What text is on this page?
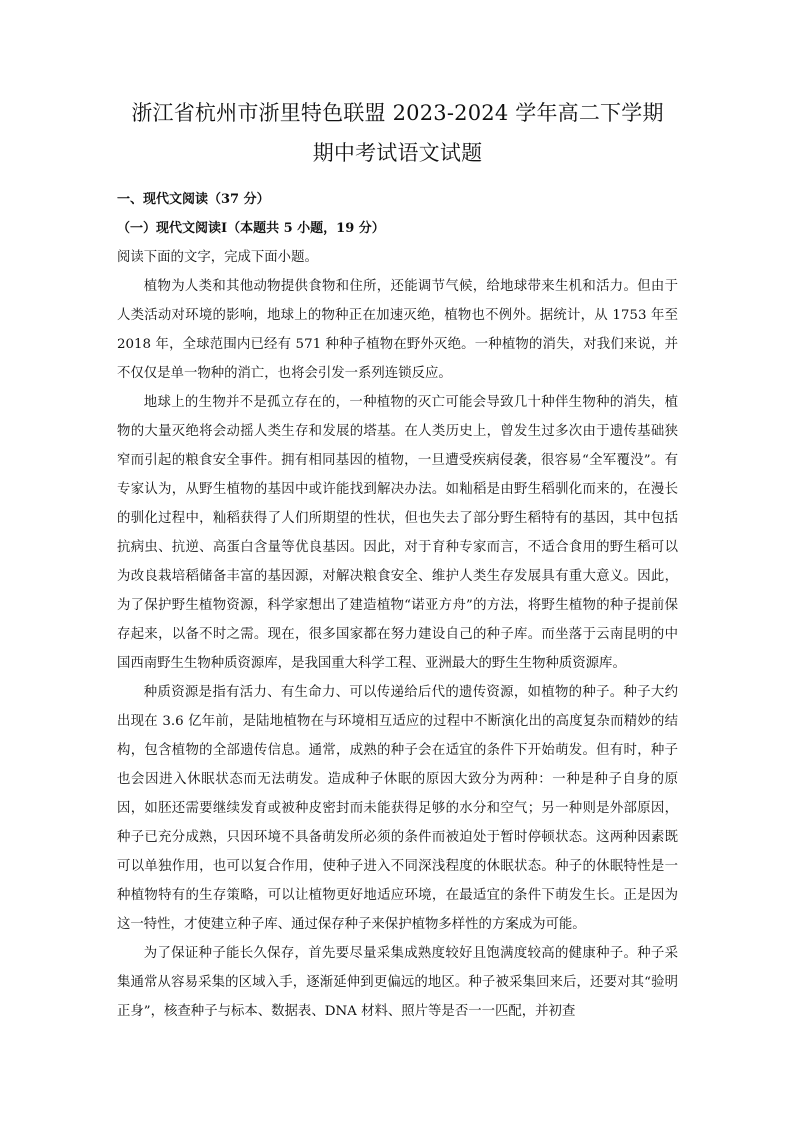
浙江省杭州市浙里特色联盟 2023-2024 学年高二下学期
期中考试语文试题
一、现代文阅读（37 分）
（一）现代文阅读Ⅰ（本题共 5 小题，19 分）
阅读下面的文字，完成下面小题。

植物为人类和其他动物提供食物和住所，还能调节气候，给地球带来生机和活力。但由于人类活动对环境的影响，地球上的物种正在加速灭绝，植物也不例外。据统计，从 1753 年至 2018 年，全球范围内已经有 571 种种子植物在野外灭绝。一种植物的消失，对我们来说，并不仅仅是单一物种的消亡，也将会引发一系列连锁反应。

地球上的生物并不是孤立存在的，一种植物的灭亡可能会导致几十种伴生物种的消失，植物的大量灭绝将会动摇人类生存和发展的塔基。在人类历史上，曾发生过多次由于遗传基础狭窄而引起的粮食安全事件。拥有相同基因的植物，一旦遭受疾病侵袭，很容易“全军覆没”。有专家认为，从野生植物的基因中或许能找到解决办法。如籼稻是由野生稻驯化而来的，在漫长的驯化过程中，籼稻获得了人们所期望的性状，但也失去了部分野生稻特有的基因，其中包括抗病虫、抗逆、高蛋白含量等优良基因。因此，对于育种专家而言，不适合食用的野生稻可以为改良栽培稻储备丰富的基因源，对解决粮食安全、维护人类生存发展具有重大意义。因此，为了保护野生植物资源，科学家想出了建造植物“诺亚方舟”的方法，将野生植物的种子提前保存起来，以备不时之需。现在，很多国家都在努力建设自己的种子库。而坐落于云南昆明的中国西南野生生物种质资源库，是我国重大科学工程、亚洲最大的野生生物种质资源库。

种质资源是指有活力、有生命力、可以传递给后代的遗传资源，如植物的种子。种子大约出现在 3.6 亿年前，是陆地植物在与环境相互适应的过程中不断演化出的高度复杂而精妙的结构，包含植物的全部遗传信息。通常，成熟的种子会在适宜的条件下开始萌发。但有时，种子也会因进入休眠状态而无法萌发。造成种子休眠的原因大致分为两种：一种是种子自身的原因，如胚还需要继续发育或被种皮密封而未能获得足够的水分和空气；另一种则是外部原因，种子已充分成熟，只因环境不具备萌发所必须的条件而被迫处于暂时停顿状态。这两种因素既可以单独作用，也可以复合作用，使种子进入不同深浅程度的休眠状态。种子的休眠特性是一种植物特有的生存策略，可以让植物更好地适应环境，在最适宜的条件下萌发生长。正是因为这一特性，才使建立种子库、通过保存种子来保护植物多样性的方案成为可能。

为了保证种子能长久保存，首先要尽量采集成熟度较好且饱满度较高的健康种子。种子采集通常从容易采集的区域入手，逐渐延伸到更偏远的地区。种子被采集回来后，还要对其“验明正身”，核查种子与标本、数据表、DNA 材料、照片等是否一一匹配，并初查
